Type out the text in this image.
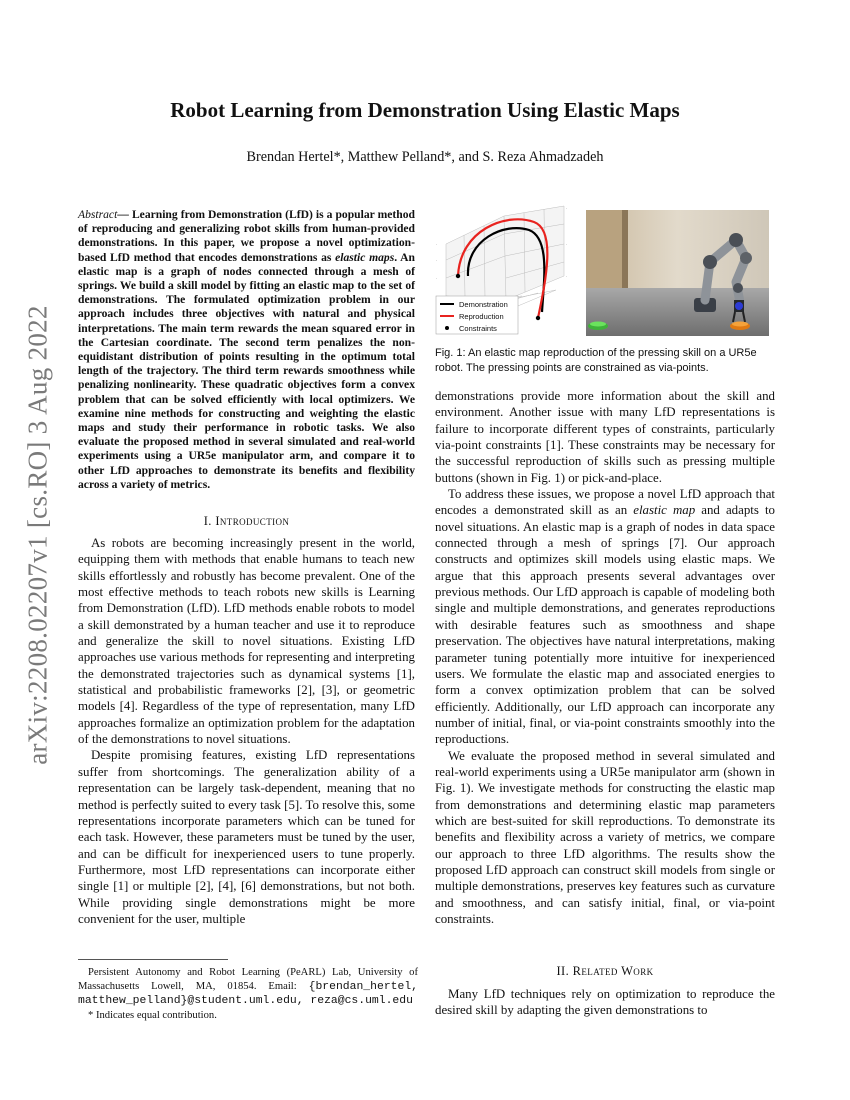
Robot Learning from Demonstration Using Elastic Maps
Brendan Hertel*, Matthew Pelland*, and S. Reza Ahmadzadeh
arXiv:2208.02207v1 [cs.RO] 3 Aug 2022
Abstract— Learning from Demonstration (LfD) is a popular method of reproducing and generalizing robot skills from human-provided demonstrations. In this paper, we propose a novel optimization-based LfD method that encodes demonstrations as elastic maps. An elastic map is a graph of nodes connected through a mesh of springs. We build a skill model by fitting an elastic map to the set of demonstrations. The formulated optimization problem in our approach includes three objectives with natural and physical interpretations. The main term rewards the mean squared error in the Cartesian coordinate. The second term penalizes the non-equidistant distribution of points resulting in the optimum total length of the trajectory. The third term rewards smoothness while penalizing nonlinearity. These quadratic objectives form a convex problem that can be solved efficiently with local optimizers. We examine nine methods for constructing and weighting the elastic maps and study their performance in robotic tasks. We also evaluate the proposed method in several simulated and real-world experiments using a UR5e manipulator arm, and compare it to other LfD approaches to demonstrate its benefits and flexibility across a variety of metrics.
I. Introduction

As robots are becoming increasingly present in the world, equipping them with methods that enable humans to teach new skills effortlessly and robustly has become prevalent. One of the most effective methods to teach robots new skills is Learning from Demonstration (LfD). LfD methods enable robots to model a skill demonstrated by a human teacher and use it to reproduce and generalize the skill to novel situations. Existing LfD approaches use various methods for representing and interpreting the demonstrated trajectories such as dynamical systems [1], statistical and probabilistic frameworks [2], [3], or geometric models [4]. Regardless of the type of representation, many LfD approaches formalize an optimization problem for the adaptation of the demonstrations to novel situations.

Despite promising features, existing LfD representations suffer from shortcomings. The generalization ability of a representation can be largely task-dependent, meaning that no method is perfectly suited to every task [5]. To resolve this, some representations incorporate parameters which can be tuned for each task. However, these parameters must be tuned by the user, and can be difficult for inexperienced users to tune properly. Furthermore, most LfD representations can incorporate either single [1] or multiple [2], [4], [6] demonstrations, but not both. While providing single demonstrations might be more convenient for the user, multiple

Persistent Autonomy and Robot Learning (PeARL) Lab, University of Massachusetts Lowell, MA, 01854. Email: {brendan_hertel, matthew_pelland}@student.uml.edu, reza@cs.uml.edu
* Indicates equal contribution.
·
·
·
·
·
·
Demonstration
Reproduction
Constraints
Fig. 1: An elastic map reproduction of the pressing skill on a UR5e robot. The pressing points are constrained as via-points.

demonstrations provide more information about the skill and environment. Another issue with many LfD representations is failure to incorporate different types of constraints, particularly via-point constraints [1]. These constraints may be necessary for the successful reproduction of skills such as pressing multiple buttons (shown in Fig. 1) or pick-and-place.

To address these issues, we propose a novel LfD approach that encodes a demonstrated skill as an elastic map and adapts to novel situations. An elastic map is a graph of nodes in data space connected through a mesh of springs [7]. Our approach constructs and optimizes skill models using elastic maps. We argue that this approach presents several advantages over previous methods. Our LfD approach is capable of modeling both single and multiple demonstrations, and generates reproductions with desirable features such as smoothness and shape preservation. The objectives have natural interpretations, making parameter tuning potentially more intuitive for inexperienced users. We formulate the elastic map and associated energies to form a convex optimization problem that can be solved efficiently. Additionally, our LfD approach can incorporate any number of initial, final, or via-point constraints smoothly into the reproductions.

We evaluate the proposed method in several simulated and real-world experiments using a UR5e manipulator arm (shown in Fig. 1). We investigate methods for constructing the elastic map from demonstrations and determining elastic map parameters which are best-suited for skill reproductions. To demonstrate its benefits and flexibility across a variety of metrics, we compare our approach to three LfD algorithms. The results show the proposed LfD approach can construct skill models from single or multiple demonstrations, preserves key features such as curvature and smoothness, and can satisfy initial, final, or via-point constraints.

II. Related Work

Many LfD techniques rely on optimization to reproduce the desired skill by adapting the given demonstrations to
